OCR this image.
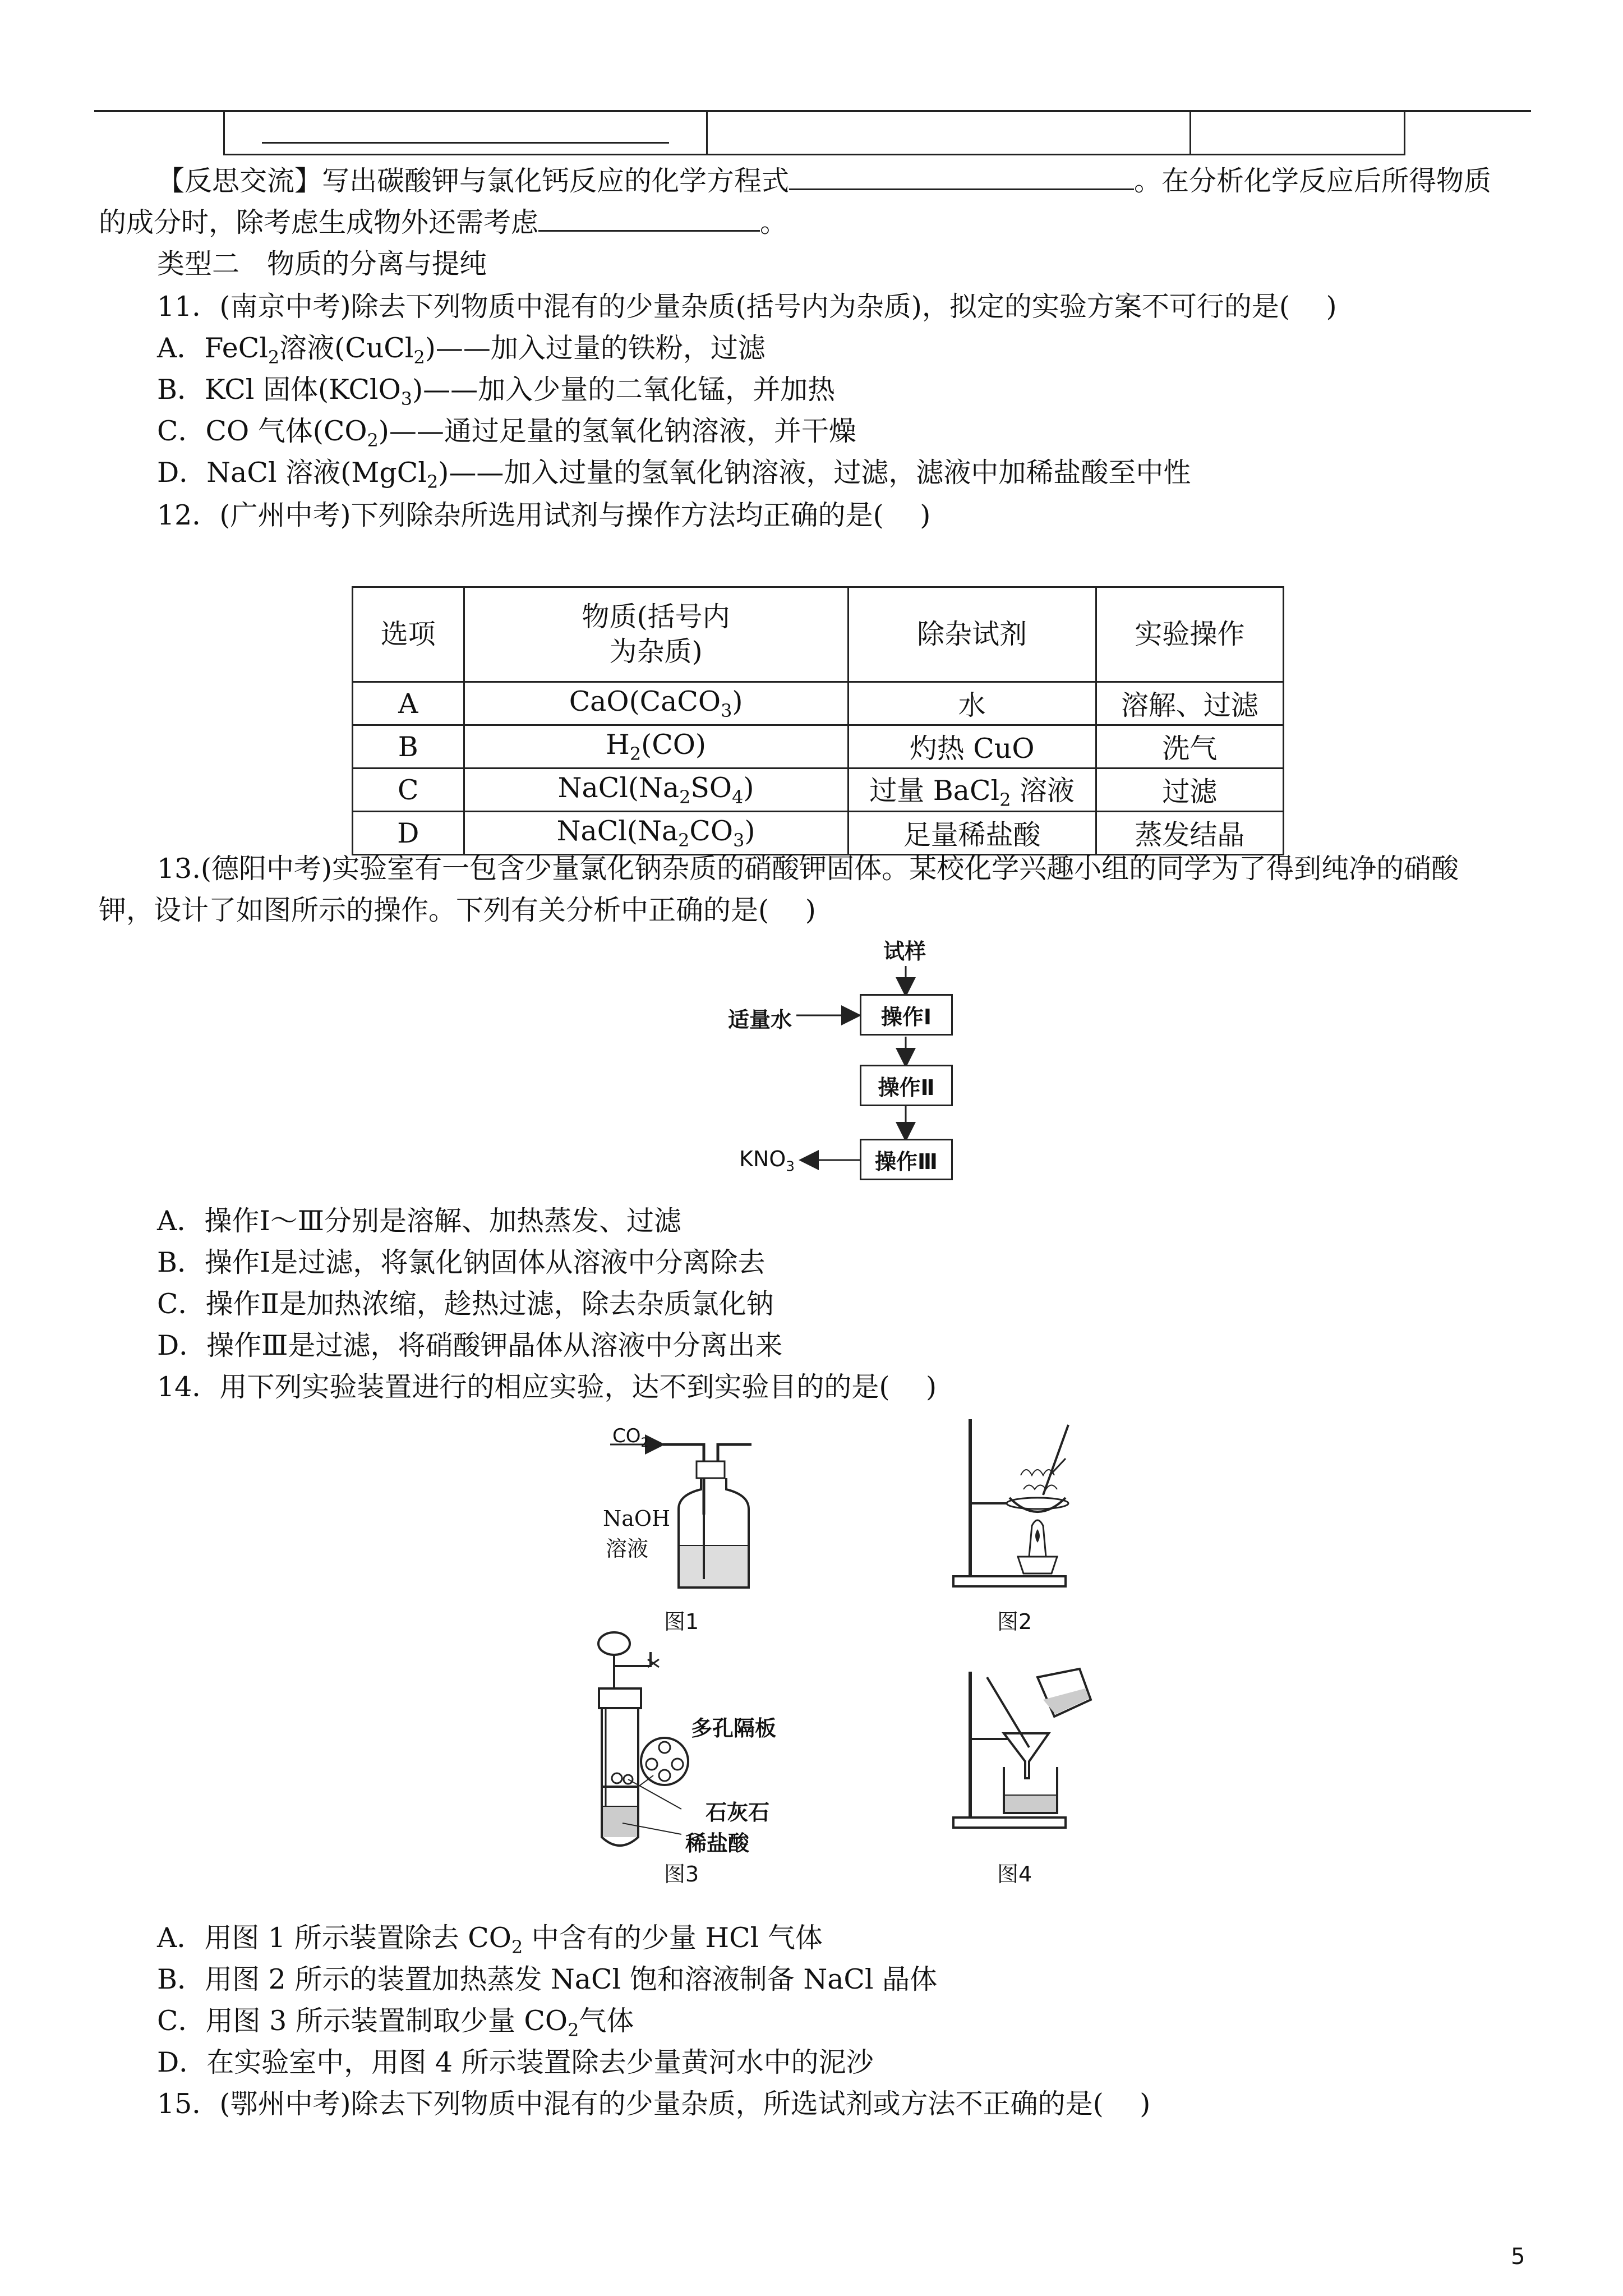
【反思交流】写出碳酸钾与氯化钙反应的化学方程式	。在分析化学反应后所得物质
的成分时，除考虑生成物外还需考虑	。
类型二　物质的分离与提纯
11．(南京中考)除去下列物质中混有的少量杂质(括号内为杂质)，拟定的实验方案不可行的是(　 )
A．FeCl$_2$溶液(CuCl$_2$)——加入过量的铁粉，过滤
B．KCl 固体(KClO$_3$)——加入少量的二氧化锰，并加热
C．CO 气体$(CO_2)——$通过足量的氢氧化钠溶液，并干燥
D．NaCl 溶液(MgCl$_2$)——加入过量的氢氧化钠溶液，过滤，滤液中加稀盐酸至中性
12．(广州中考)下列除杂所选用试剂与操作方法均正确的是(　 )
选项	物质(括号内
为杂质)	除杂试剂	实验操作
A	CaO(CaCO$_3$)	水	溶解、过滤
B	$H_2(CO)$	灼热 CuO	洗气
C	$NaCl(Na_2SO_4)$	过量 BaCl$_2$ 溶液	过滤
D	$NaCl(Na_2CO_3)$	足量稀盐酸	蒸发结晶
13.(德阳中考)实验室有一包含少量氯化钠杂质的硝酸钾固体。某校化学兴趣小组的同学为了得到纯净的硝酸
钾，设计了如图所示的操作。下列有关分析中正确的是(　 )
试样
适量水	操作Ⅰ
操作Ⅱ
操作Ⅲ
$KNO_3$
A．操作Ⅰ～Ⅲ分别是溶解、加热蒸发、过滤
B．操作Ⅰ是过滤，将氯化钠固体从溶液中分离除去
C．操作Ⅱ是加热浓缩，趁热过滤，除去杂质氯化钠
D．操作Ⅲ是过滤，将硝酸钾晶体从溶液中分离出来
14．用下列实验装置进行的相应实验，达不到实验目的的是(　 )
$CO_2$
NaOH
溶液
图1	图2
多孔隔板
石灰石
稀盐酸
图3	图4
A．用图 1 所示装置除去 $CO_2$ 中含有的少量 HCl 气体
B．用图 2 所示的装置加热蒸发 NaCl 饱和溶液制备 NaCl 晶体
C．用图 3 所示装置制取少量 $CO_2$气体
D．在实验室中，用图 4 所示装置除去少量黄河水中的泥沙
15．(鄂州中考)除去下列物质中混有的少量杂质，所选试剂或方法不正确的是(　 )
5
